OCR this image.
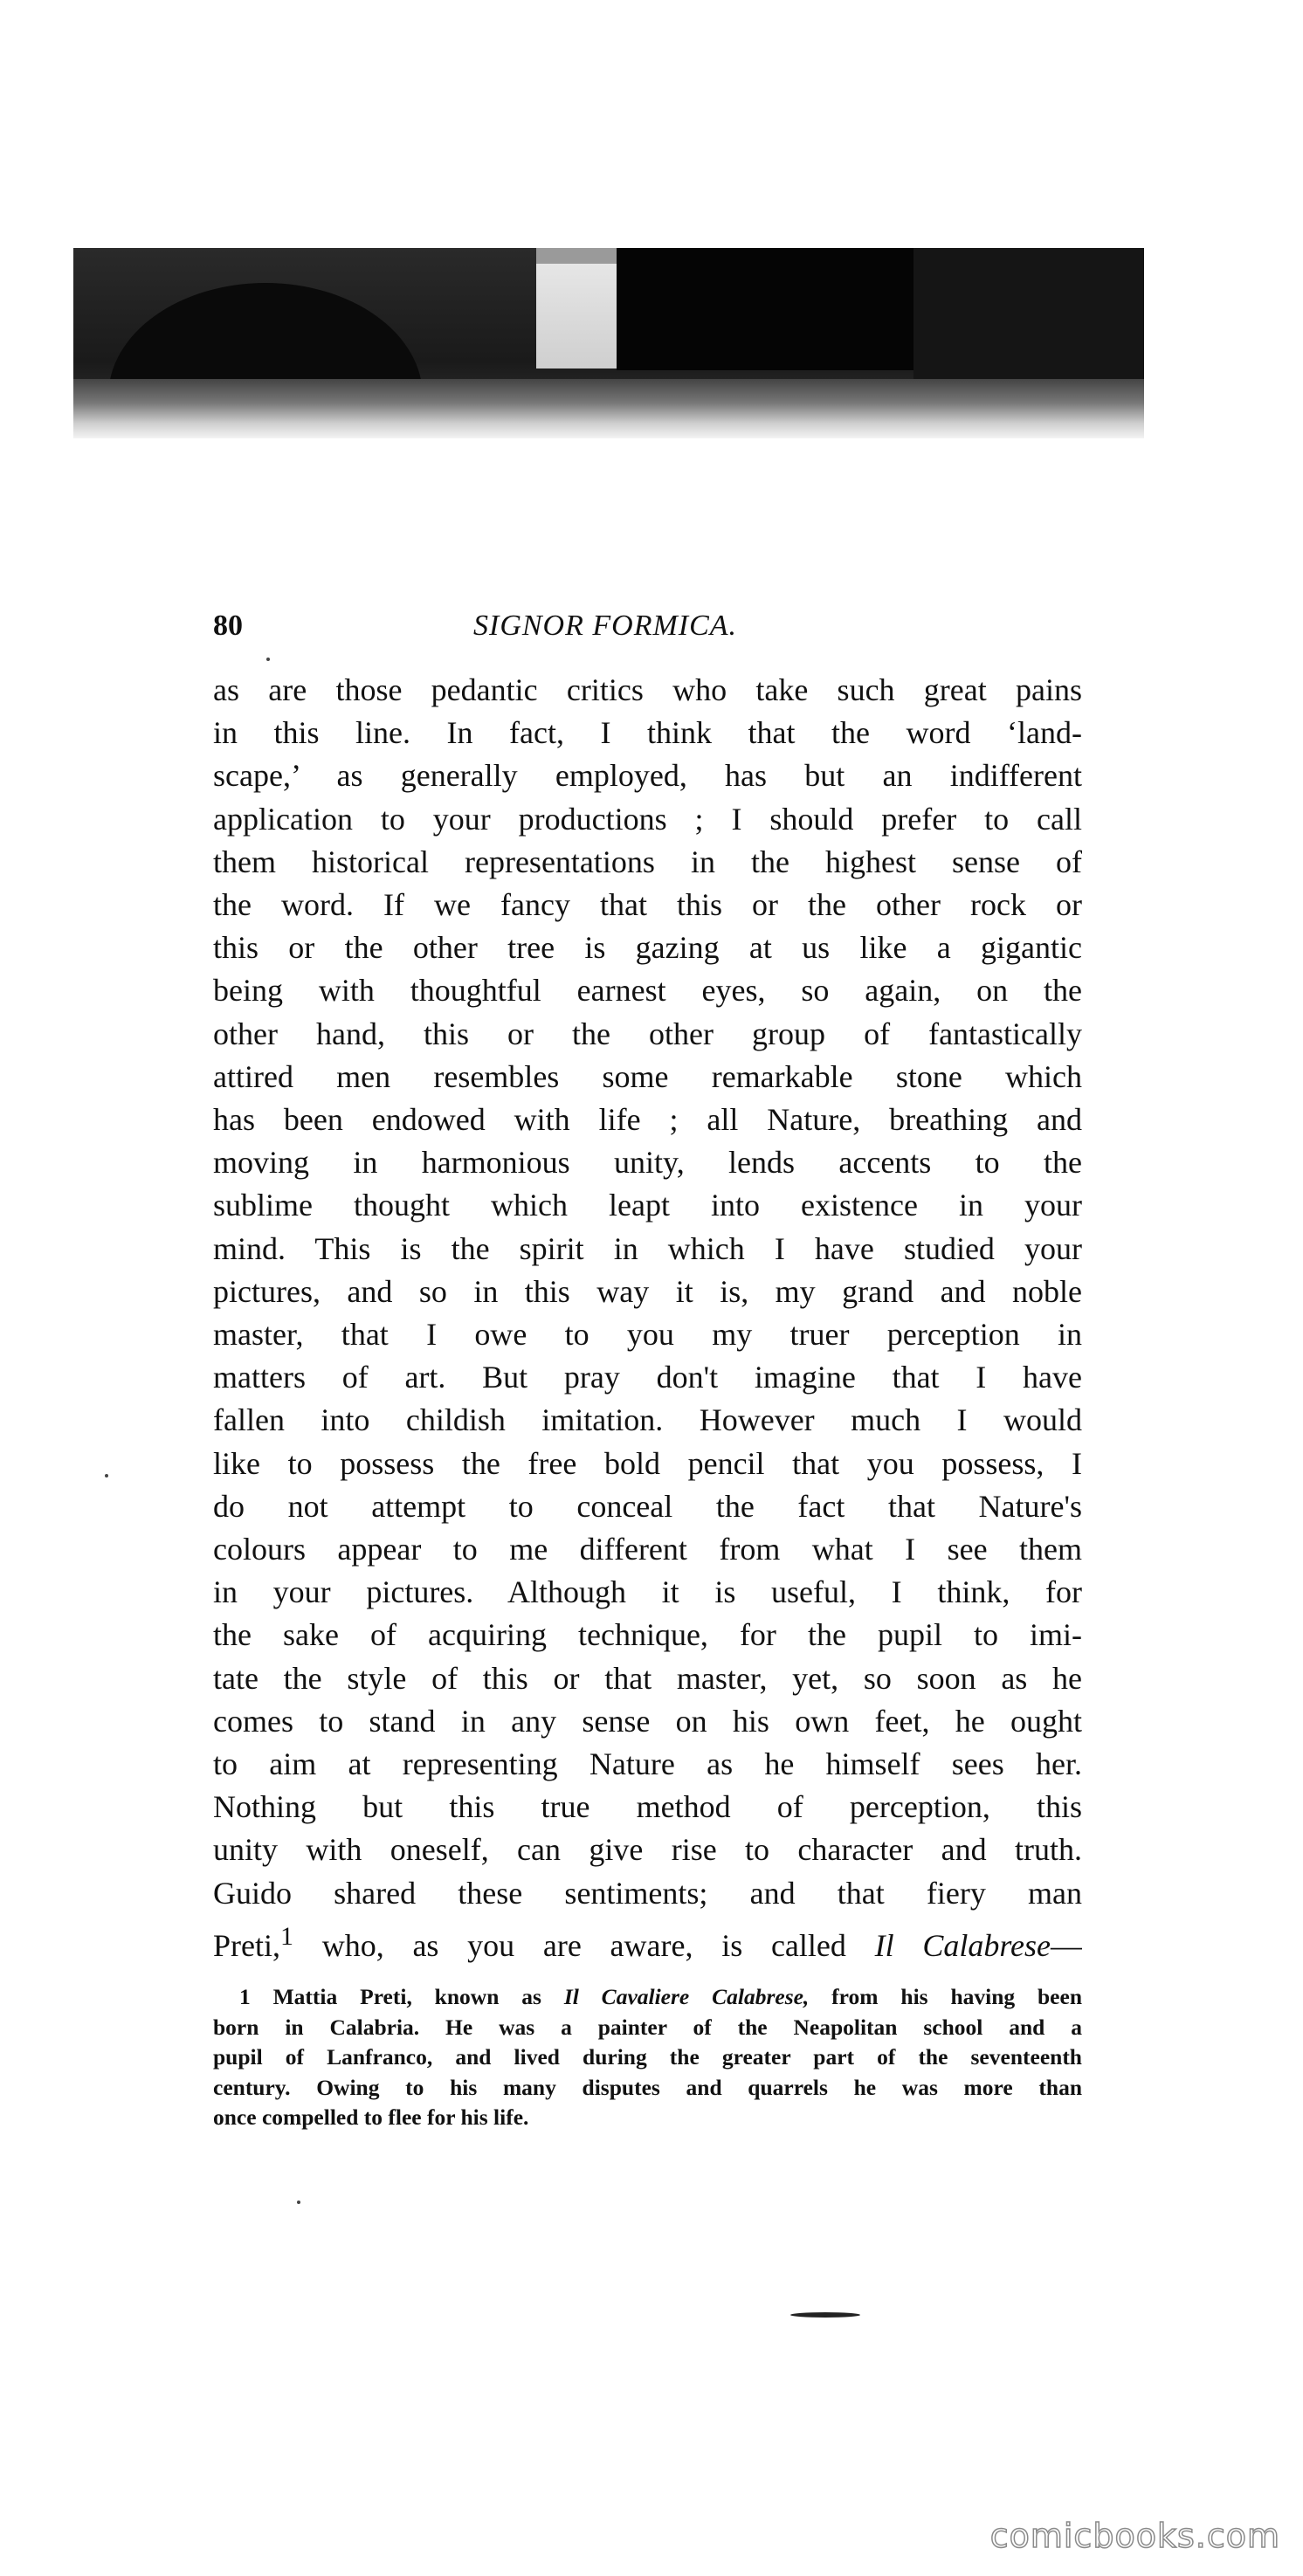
80	SIGNOR FORMICA.
as are those pedantic critics who take such great pains
in this line. In fact, I think that the word ‘land-
scape,’ as generally employed, has but an indifferent
application to your productions ; I should prefer to call
them historical representations in the highest sense of
the word. If we fancy that this or the other rock or
this or the other tree is gazing at us like a gigantic
being with thoughtful earnest eyes, so again, on the
other hand, this or the other group of fantastically
attired men resembles some remarkable stone which
has been endowed with life ; all Nature, breathing and
moving in harmonious unity, lends accents to the
sublime thought which leapt into existence in your
mind. This is the spirit in which I have studied your
pictures, and so in this way it is, my grand and noble
master, that I owe to you my truer perception in
matters of art. But pray don't imagine that I have
fallen into childish imitation. However much I would
like to possess the free bold pencil that you possess, I
do not attempt to conceal the fact that Nature's
colours appear to me different from what I see them
in your pictures. Although it is useful, I think, for
the sake of acquiring technique, for the pupil to imi-
tate the style of this or that master, yet, so soon as he
comes to stand in any sense on his own feet, he ought
to aim at representing Nature as he himself sees her.
Nothing but this true method of perception, this
unity with oneself, can give rise to character and truth.
Guido shared these sentiments; and that fiery man
Preti,$^1$ who, as you are aware, is called Il Calabrese—
1 Mattia Preti, known as Il Cavaliere Calabrese, from his having been
born in Calabria. He was a painter of the Neapolitan school and a
pupil of Lanfranco, and lived during the greater part of the seventeenth
century. Owing to his many disputes and quarrels he was more than
once compelled to flee for his life.
comicbooks.com
